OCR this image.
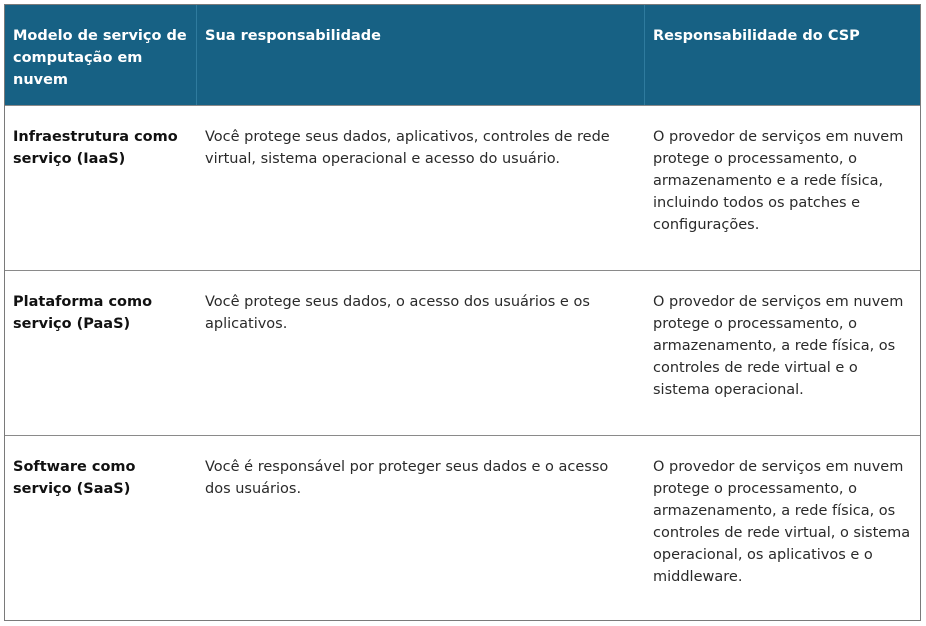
Modelo de serviço de computação em nuvem
Sua responsabilidade	Responsabilidade do CSP
Infraestrutura como serviço (IaaS)
Você protege seus dados, aplicativos, controles de rede virtual, sistema operacional e acesso do usuário.
O provedor de serviços em nuvem protege o processamento, o armazenamento e a rede física, incluindo todos os patches e configurações.
Plataforma como serviço (PaaS)
Você protege seus dados, o acesso dos usuários e os aplicativos.
O provedor de serviços em nuvem protege o processamento, o armazenamento, a rede física, os controles de rede virtual e o sistema operacional.
Software como serviço (SaaS)
Você é responsável por proteger seus dados e o acesso dos usuários.
O provedor de serviços em nuvem protege o processamento, o armazenamento, a rede física, os controles de rede virtual, o sistema operacional, os aplicativos e o middleware.
